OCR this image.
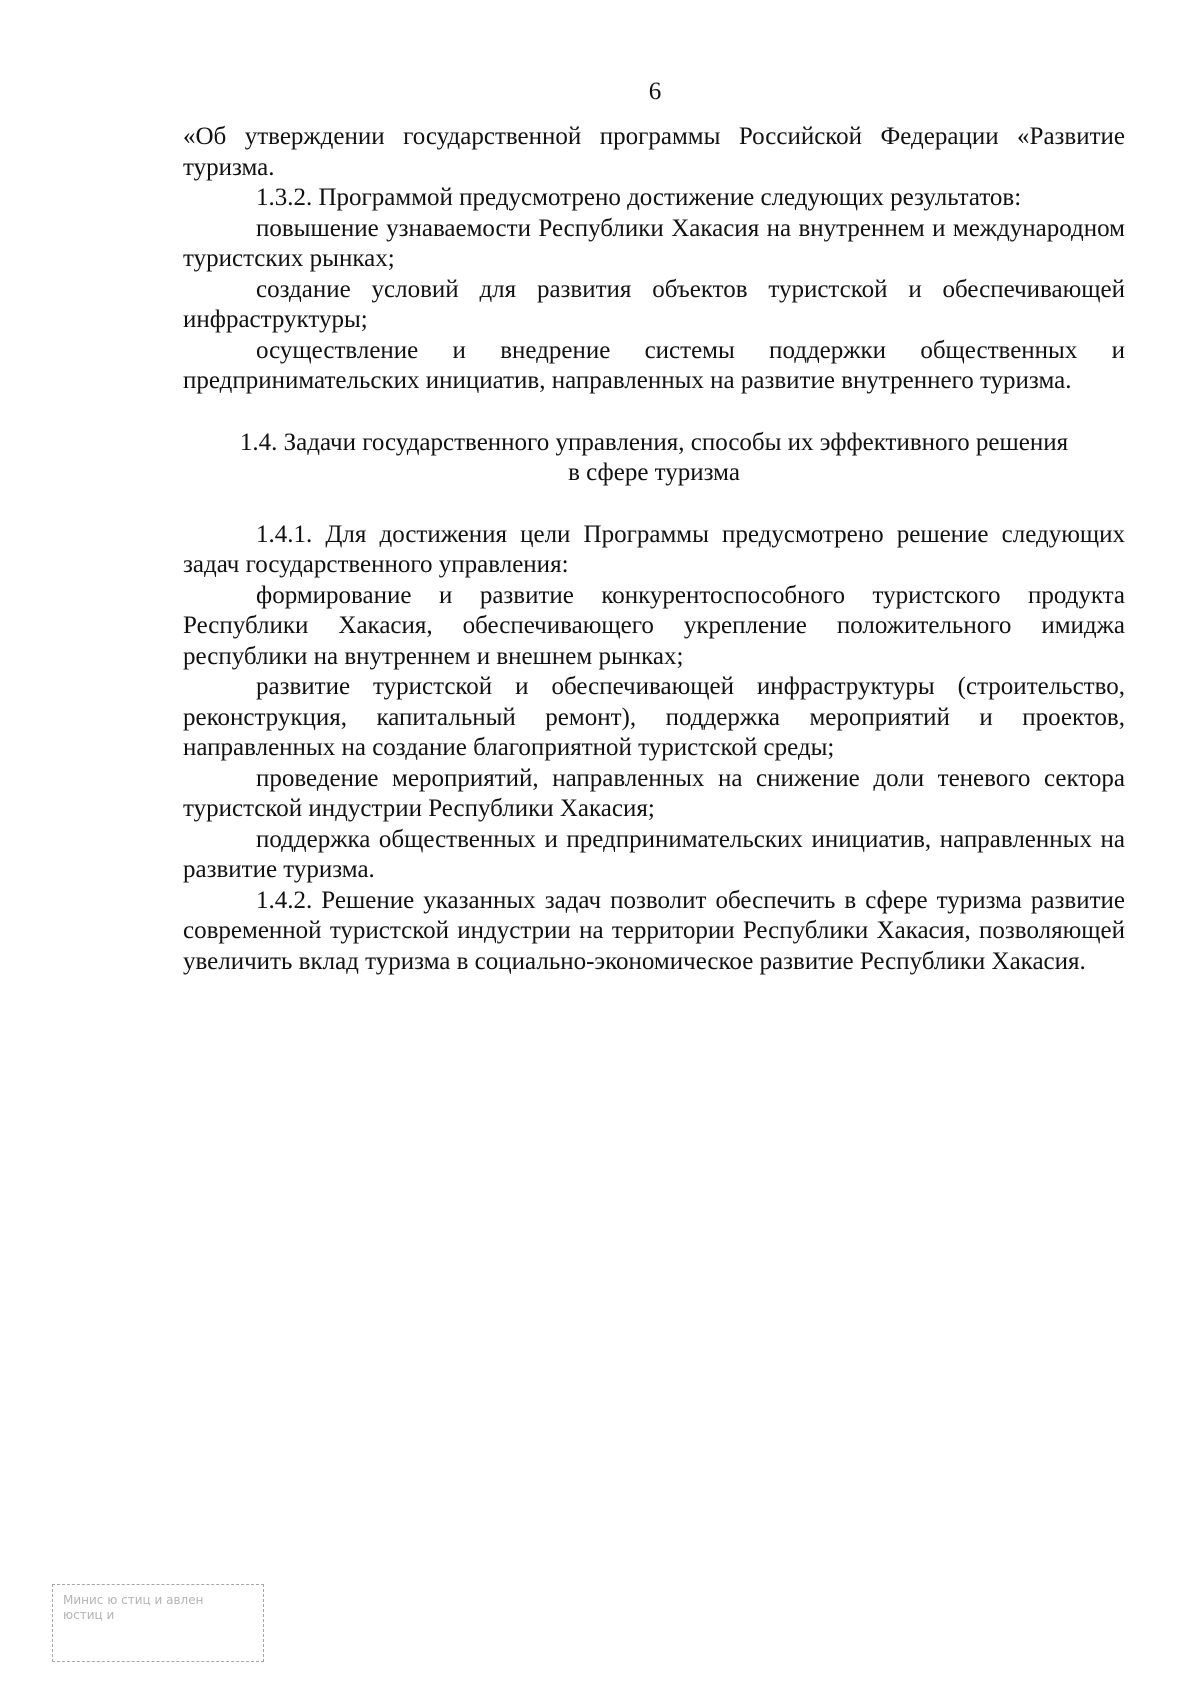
6

«Об утверждении государственной программы Российской Федерации «Развитие туризма.

1.3.2. Программой предусмотрено достижение следующих результатов:

повышение узнаваемости Республики Хакасия на внутреннем и международном туристских рынках;

создание условий для развития объектов туристской и обеспечивающей инфраструктуры;

осуществление и внедрение системы поддержки общественных и предпринимательских инициатив, направленных на развитие внутреннего туризма.

1.4. Задачи государственного управления, способы их эффективного решения
в сфере туризма

1.4.1. Для достижения цели Программы предусмотрено решение следующих задач государственного управления:

формирование и развитие конкурентоспособного туристского продукта Республики Хакасия, обеспечивающего укрепление положительного имиджа республики на внутреннем и внешнем рынках;

развитие туристской и обеспечивающей инфраструктуры (строительство, реконструкция, капитальный ремонт), поддержка мероприятий и проектов, направленных на создание благоприятной туристской среды;

проведение мероприятий, направленных на снижение доли теневого сектора туристской индустрии Республики Хакасия;

поддержка общественных и предпринимательских инициатив, направленных на развитие туризма.

1.4.2. Решение указанных задач позволит обеспечить в сфере туризма развитие современной туристской индустрии на территории Республики Хакасия, позволяющей увеличить вклад туризма в социально-экономическое развитие Республики Хакасия.

Минис ю стиц и авлен
юстиц и
